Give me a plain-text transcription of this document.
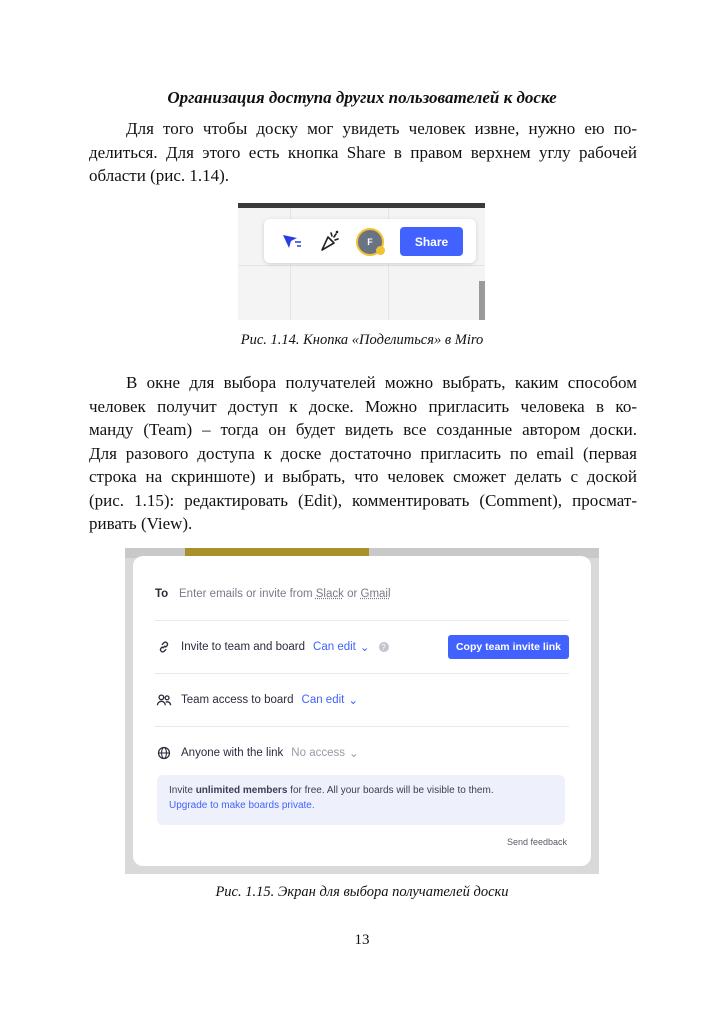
Организация доступа других пользователей к доске
Для того чтобы доску мог увидеть человек извне, нужно ею по-
делиться. Для этого есть кнопка Share в правом верхнем углу рабочей
области (рис. 1.14).
F	Share
Рис. 1.14. Кнопка «Поделиться» в Miro
В окне для выбора получателей можно выбрать, каким способом
человек получит доступ к доске. Можно пригласить человека в ко-
манду (Team) – тогда он будет видеть все созданные автором доски.
Для разового доступа к доске достаточно пригласить по email (первая
строка на скриншоте) и выбрать, что человек сможет делать с доской
(рис. 1.15): редактировать (Edit), комментировать (Comment), просмат-
ривать (View).
To Enter emails or invite from Slack or Gmail
Invite to team and board Can edit ⌄	?	Copy team invite link
Team access to board Can edit ⌄
Anyone with the link No access ⌄
Invite unlimited members for free. All your boards will be visible to them.
Upgrade to make boards private.
Send feedback
Рис. 1.15. Экран для выбора получателей доски
13
